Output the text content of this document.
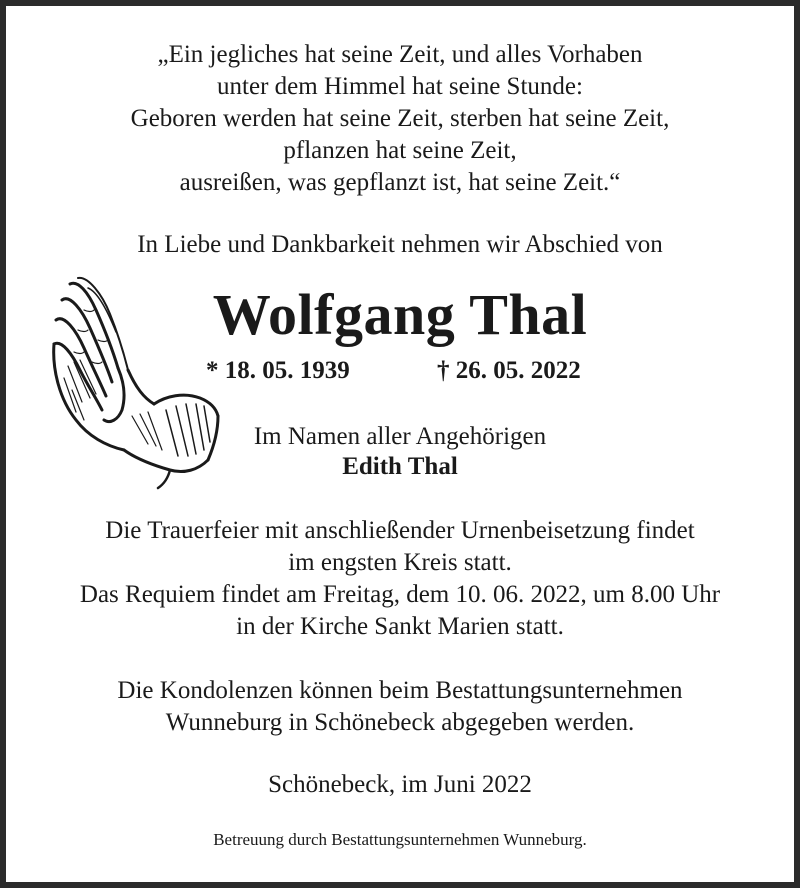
„Ein jegliches hat seine Zeit, und alles Vorhaben
unter dem Himmel hat seine Stunde:
Geboren werden hat seine Zeit, sterben hat seine Zeit,
pflanzen hat seine Zeit,
ausreißen, was gepflanzt ist, hat seine Zeit.“
In Liebe und Dankbarkeit nehmen wir Abschied von
Wolfgang Thal
* 18. 05. 1939	† 26. 05. 2022
Im Namen aller Angehörigen
Edith Thal
Die Trauerfeier mit anschließender Urnenbeisetzung findet
im engsten Kreis statt.
Das Requiem findet am Freitag, dem 10. 06. 2022, um 8.00 Uhr
in der Kirche Sankt Marien statt.
Die Kondolenzen können beim Bestattungsunternehmen
Wunneburg in Schönebeck abgegeben werden.
Schönebeck, im Juni 2022
Betreuung durch Bestattungsunternehmen Wunneburg.
